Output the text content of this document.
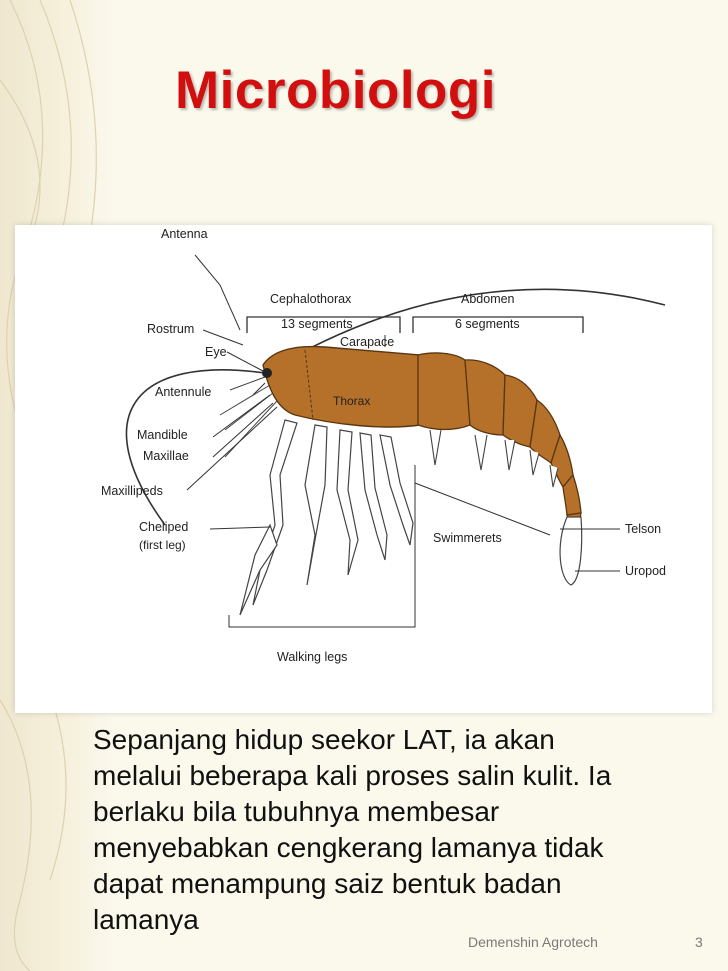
Microbiologi
Antenna
Cephalothorax
13 segments
Abdomen
6 segments
Carapace
Rostrum
Eye
Antennule
Thorax
Mandible
Maxillae
Maxillipeds
Cheliped
(first leg)	Swimmerets
Telson
Uropod
Walking legs
Sepanjang hidup seekor LAT, ia akan
melalui beberapa kali proses salin kulit. Ia
berlaku bila tubuhnya membesar
menyebabkan cengkerang lamanya tidak
dapat menampung saiz bentuk badan
lamanya
Demenshin Agrotech	3
